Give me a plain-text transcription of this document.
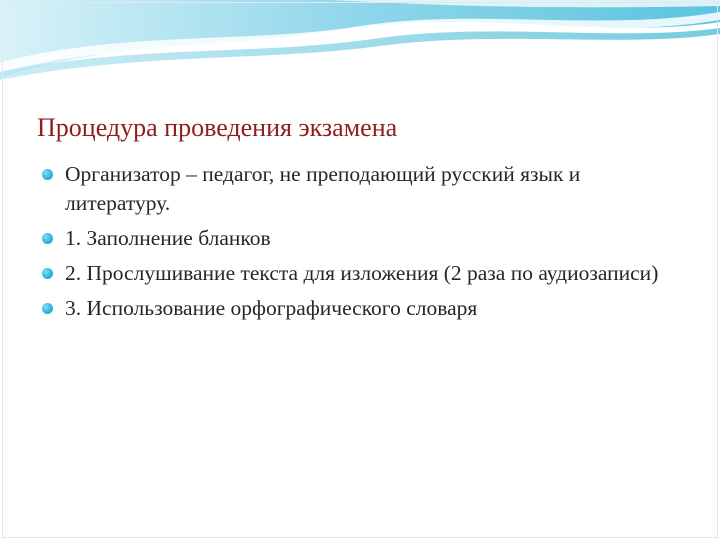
Процедура проведения экзамена
Организатор – педагог, не преподающий русский язык и литературу.
1. Заполнение бланков
2. Прослушивание текста для изложения (2 раза по аудиозаписи)
3. Использование орфографического словаря
